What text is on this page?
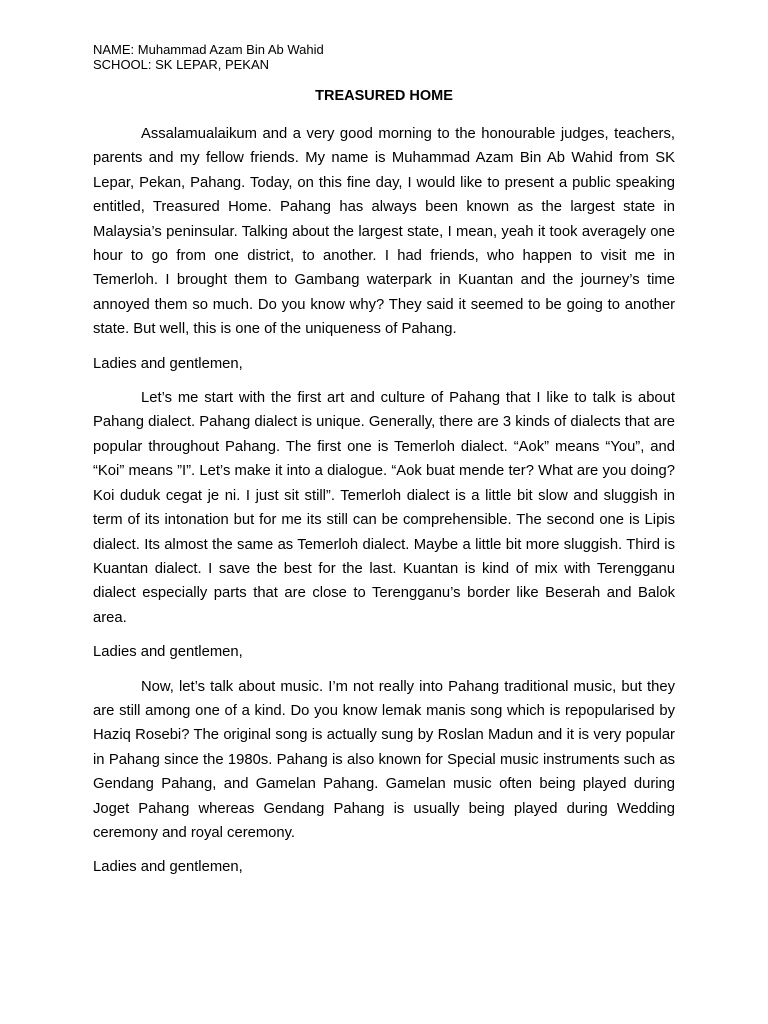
NAME: Muhammad Azam Bin Ab Wahid
SCHOOL: SK LEPAR, PEKAN
TREASURED HOME

Assalamualaikum and a very good morning to the honourable judges, teachers, parents and my fellow friends. My name is Muhammad Azam Bin Ab Wahid from SK Lepar, Pekan, Pahang. Today, on this fine day, I would like to present a public speaking entitled, Treasured Home. Pahang has always been known as the largest state in Malaysia’s peninsular. Talking about the largest state, I mean, yeah it took averagely one hour to go from one district, to another. I had friends, who happen to visit me in Temerloh. I brought them to Gambang waterpark in Kuantan and the journey’s time annoyed them so much. Do you know why? They said it seemed to be going to another state. But well, this is one of the uniqueness of Pahang.

Ladies and gentlemen,

Let’s me start with the first art and culture of Pahang that I like to talk is about Pahang dialect. Pahang dialect is unique. Generally, there are 3 kinds of dialects that are popular throughout Pahang. The first one is Temerloh dialect. “Aok” means “You”, and “Koi” means ”I”. Let’s make it into a dialogue. “Aok buat mende ter? What are you doing? Koi duduk cegat je ni. I just sit still”. Temerloh dialect is a little bit slow and sluggish in term of its intonation but for me its still can be comprehensible. The second one is Lipis dialect. Its almost the same as Temerloh dialect. Maybe a little bit more sluggish. Third is Kuantan dialect. I save the best for the last. Kuantan is kind of mix with Terengganu dialect especially parts that are close to Terengganu’s border like Beserah and Balok area.

Ladies and gentlemen,

Now, let’s talk about music. I’m not really into Pahang traditional music, but they are still among one of a kind. Do you know lemak manis song which is repopularised by Haziq Rosebi? The original song is actually sung by Roslan Madun and it is very popular in Pahang since the 1980s. Pahang is also known for Special music instruments such as Gendang Pahang, and Gamelan Pahang. Gamelan music often being played during Joget Pahang whereas Gendang Pahang is usually being played during Wedding ceremony and royal ceremony.

Ladies and gentlemen,
